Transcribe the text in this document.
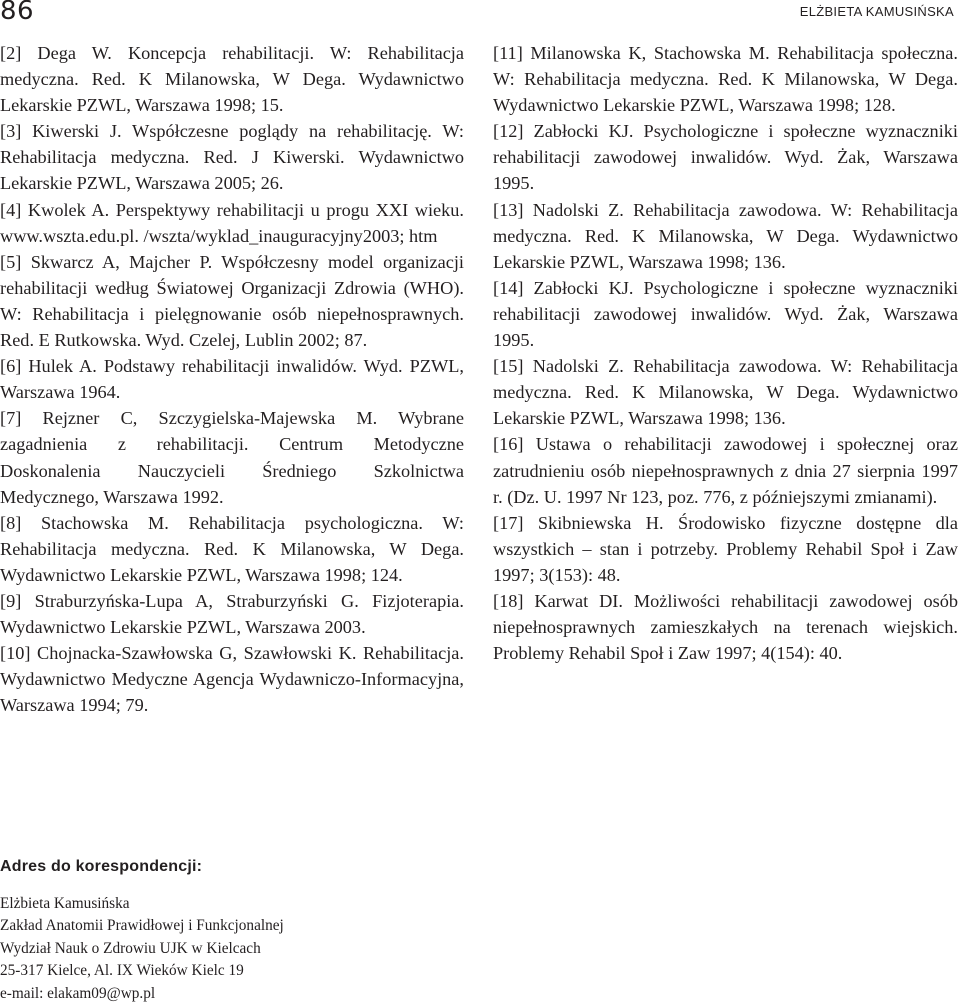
86	ELŻBIETA KAMUSIŃSKA

[2] Dega W. Koncepcja rehabilitacji. W: Rehabilitacja medyczna. Red. K Milanowska, W Dega. Wydawnictwo Lekarskie PZWL, Warszawa 1998; 15.

[3] Kiwerski J. Współczesne poglądy na rehabilitację. W: Rehabilitacja medyczna. Red. J Kiwerski. Wydawnictwo Lekarskie PZWL, Warszawa 2005; 26.

[4] Kwolek A. Perspektywy rehabilitacji u progu XXI wieku. www.wszta.edu.pl. /wszta/wyklad_inauguracyjny2003; htm

[5] Skwarcz A, Majcher P. Współczesny model organizacji rehabilitacji według Światowej Organizacji Zdrowia (WHO). W: Rehabilitacja i pielęgnowanie osób niepełnosprawnych. Red. E Rutkowska. Wyd. Czelej, Lublin 2002; 87.

[6] Hulek A. Podstawy rehabilitacji inwalidów. Wyd. PZWL, Warszawa 1964.

[7] Rejzner C, Szczygielska-Majewska M. Wybrane zagadnienia z rehabilitacji. Centrum Metodyczne Doskonalenia Nauczycieli Średniego Szkolnictwa Medycznego, Warszawa 1992.

[8] Stachowska M. Rehabilitacja psychologiczna. W: Rehabilitacja medyczna. Red. K Milanowska, W Dega. Wydawnictwo Lekarskie PZWL, Warszawa 1998; 124.

[9] Straburzyńska-Lupa A, Straburzyński G. Fizjoterapia. Wydawnictwo Lekarskie PZWL, Warszawa 2003.

[10] Chojnacka-Szawłowska G, Szawłowski K. Rehabilitacja. Wydawnictwo Medyczne Agencja Wydawniczo-Informacyjna, Warszawa 1994; 79.

[11] Milanowska K, Stachowska M. Rehabilitacja społeczna. W: Rehabilitacja medyczna. Red. K Milanowska, W Dega. Wydawnictwo Lekarskie PZWL, Warszawa 1998; 128.

[12] Zabłocki KJ. Psychologiczne i społeczne wyznaczniki rehabilitacji zawodowej inwalidów. Wyd. Żak, Warszawa 1995.

[13] Nadolski Z. Rehabilitacja zawodowa. W: Rehabilitacja medyczna. Red. K Milanowska, W Dega. Wydawnictwo Lekarskie PZWL, Warszawa 1998; 136.

[14] Zabłocki KJ. Psychologiczne i społeczne wyznaczniki rehabilitacji zawodowej inwalidów. Wyd. Żak, Warszawa 1995.

[15] Nadolski Z. Rehabilitacja zawodowa. W: Rehabilitacja medyczna. Red. K Milanowska, W Dega. Wydawnictwo Lekarskie PZWL, Warszawa 1998; 136.

[16] Ustawa o rehabilitacji zawodowej i społecznej oraz zatrudnieniu osób niepełnosprawnych z dnia 27 sierpnia 1997 r. (Dz. U. 1997 Nr 123, poz. 776, z późniejszymi zmianami).

[17] Skibniewska H. Środowisko fizyczne dostępne dla wszystkich – stan i potrzeby. Problemy Rehabil Społ i Zaw 1997; 3(153): 48.

[18] Karwat DI. Możliwości rehabilitacji zawodowej osób niepełnosprawnych zamieszkałych na terenach wiejskich. Problemy Rehabil Społ i Zaw 1997; 4(154): 40.

Adres do korespondencji:

Elżbieta Kamusińska

Zakład Anatomii Prawidłowej i Funkcjonalnej

Wydział Nauk o Zdrowiu UJK w Kielcach

25-317 Kielce, Al. IX Wieków Kielc 19

e-mail: elakam09@wp.pl
